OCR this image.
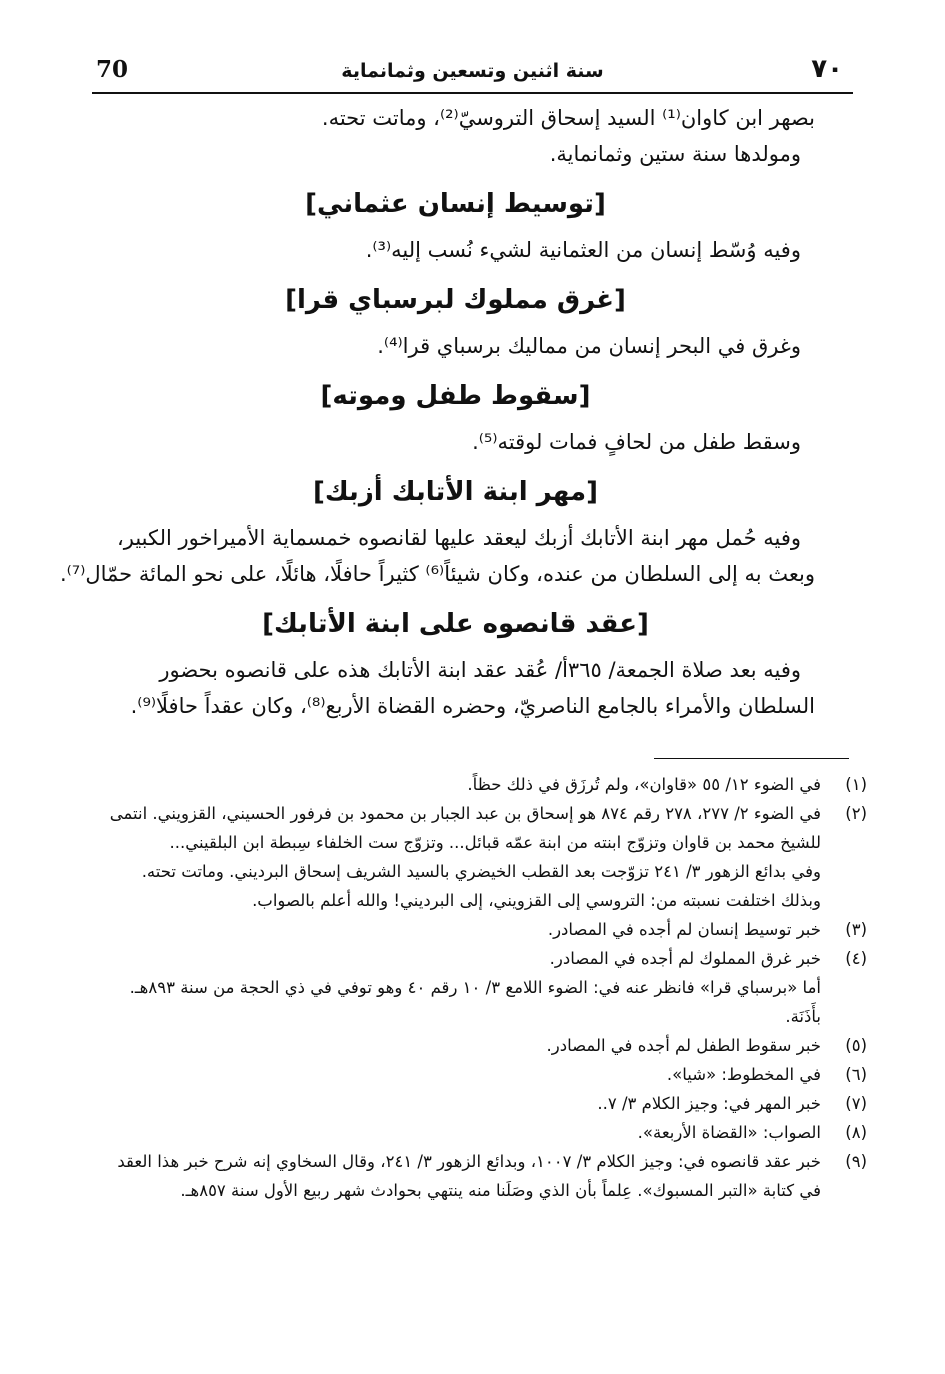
٧٠
سنة اثنين وتسعين وثمانماية
70

بصهر ابن كاوان⁽¹⁾ السيد إسحاق التروسيّ⁽²⁾، وماتت تحته.

ومولدها سنة ستين وثمانماية.

[توسيط إنسان عثماني]

وفيه وُسّط إنسان من العثمانية لشيء نُسب إليه⁽³⁾.

[غرق مملوك لبرسباي قرا]

وغرق في البحر إنسان من مماليك برسباي قرا⁽⁴⁾.

[سقوط طفل وموته]

وسقط طفل من لحافٍ فمات لوقته⁽⁵⁾.

[مهر ابنة الأتابك أزبك]

وفيه حُمل مهر ابنة الأتابك أزبك ليعقد عليها لقانصوه خمسماية الأميراخور الكبير،

وبعث به إلى السلطان من عنده، وكان شيئاً⁽⁶⁾ كثيراً حافلًا، هائلًا، على نحو المائة حمّال⁽⁷⁾.

[عقد قانصوه على ابنة الأتابك]

وفيه بعد صلاة الجمعة/ ٣٦٥أ/ عُقد عقد ابنة الأتابك هذه على قانصوه بحضور

السلطان والأمراء بالجامع الناصريّ، وحضره القضاة الأربع⁽⁸⁾، وكان عقداً حافلًا⁽⁹⁾.

(١)
في الضوء ١٢/ ٥٥ «قاوان»، ولم تُرزَق في ذلك حظاً.
(٢)
في الضوء ٢/ ٢٧٧، ٢٧٨ رقم ٨٧٤ هو إسحاق بن عبد الجبار بن محمود بن فرفور الحسيني، القزويني. انتمى للشيخ محمد بن قاوان وتزوّج ابنته من ابنة عمّه قبائل... وتزوّج ست الخلفاء سِبطة ابن البلقيني...
وفي بدائع الزهور ٣/ ٢٤١ تزوّجت بعد القطب الخيضري بالسيد الشريف إسحاق البرديني. وماتت تحته.
وبذلك اختلفت نسبته من: التروسي إلى القزويني، إلى البرديني! والله أعلم بالصواب.
(٣)
خبر توسيط إنسان لم أجده في المصادر.
(٤)
خبر غرق المملوك لم أجده في المصادر.
أما «برسباي قرا» فانظر عنه في: الضوء اللامع ٣/ ١٠ رقم ٤٠ وهو توفي في ذي الحجة من سنة ٨٩٣هـ. بأَذَنَة.
(٥)
خبر سقوط الطفل لم أجده في المصادر.
(٦)
في المخطوط: «شيا».
(٧)
خبر المهر في: وجيز الكلام ٣/ ٧..
(٨)
الصواب: «القضاة الأربعة».
(٩)
خبر عقد قانصوه في: وجيز الكلام ٣/ ١٠٠٧، وبدائع الزهور ٣/ ٢٤١، وقال السخاوي إنه شرح خبر هذا العقد في كتابة «التبر المسبوك». عِلماً بأن الذي وصَلَنا منه ينتهي بحوادث شهر ربيع الأول سنة ٨٥٧هـ.
